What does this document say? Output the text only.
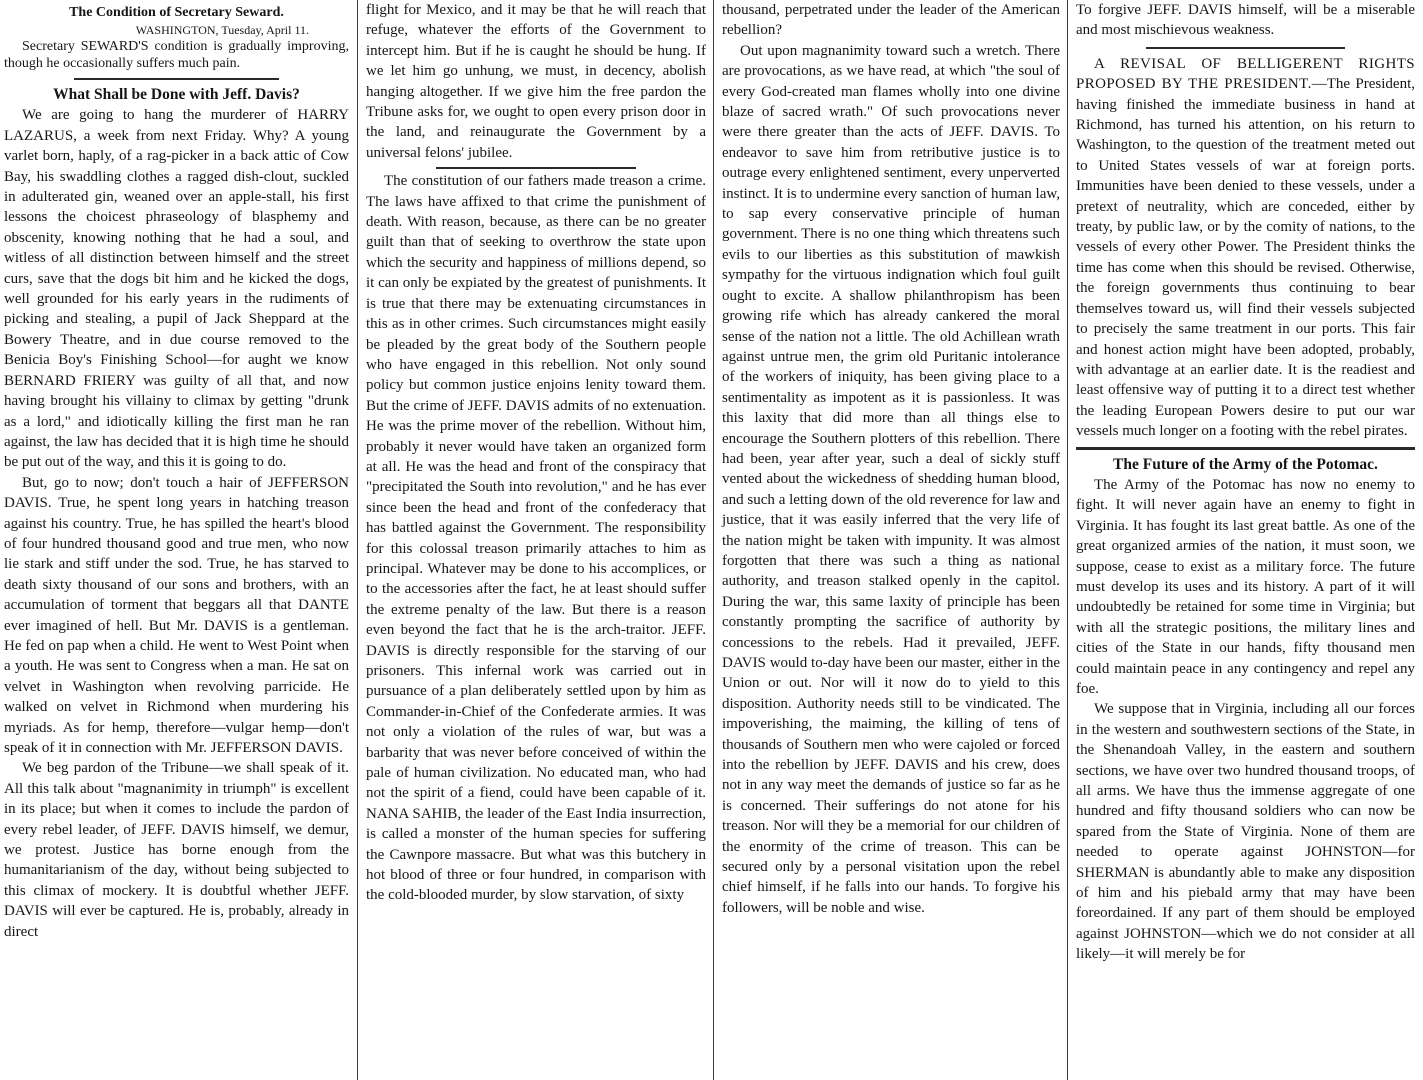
The Condition of Secretary Seward.
WASHINGTON, Tuesday, April 11.

Secretary SEWARD'S condition is gradually improving, though he occasionally suffers much pain.

What Shall be Done with Jeff. Davis?

We are going to hang the murderer of HARRY LAZARUS, a week from next Friday. Why? A young varlet born, haply, of a rag-picker in a back attic of Cow Bay, his swaddling clothes a ragged dish-clout, suckled in adulterated gin, weaned over an apple-stall, his first lessons the choicest phraseology of blasphemy and obscenity, knowing nothing that he had a soul, and witless of all distinction between himself and the street curs, save that the dogs bit him and he kicked the dogs, well grounded for his early years in the rudiments of picking and stealing, a pupil of Jack Sheppard at the Bowery Theatre, and in due course removed to the Benicia Boy's Finishing School—for aught we know BERNARD FRIERY was guilty of all that, and now having brought his villainy to climax by getting "drunk as a lord," and idiotically killing the first man he ran against, the law has decided that it is high time he should be put out of the way, and this it is going to do.

But, go to now; don't touch a hair of JEFFERSON DAVIS. True, he spent long years in hatching treason against his country. True, he has spilled the heart's blood of four hundred thousand good and true men, who now lie stark and stiff under the sod. True, he has starved to death sixty thousand of our sons and brothers, with an accumulation of torment that beggars all that DANTE ever imagined of hell. But Mr. DAVIS is a gentleman. He fed on pap when a child. He went to West Point when a youth. He was sent to Congress when a man. He sat on velvet in Washington when revolving parricide. He walked on velvet in Richmond when murdering his myriads. As for hemp, therefore—vulgar hemp—don't speak of it in connection with Mr. JEFFERSON DAVIS.

We beg pardon of the Tribune—we shall speak of it. All this talk about "magnanimity in triumph" is excellent in its place; but when it comes to include the pardon of every rebel leader, of JEFF. DAVIS himself, we demur, we protest. Justice has borne enough from the humanitarianism of the day, without being subjected to this climax of mockery. It is doubtful whether JEFF. DAVIS will ever be captured. He is, probably, already in direct

flight for Mexico, and it may be that he will reach that refuge, whatever the efforts of the Government to intercept him. But if he is caught he should be hung. If we let him go unhung, we must, in decency, abolish hanging altogether. If we give him the free pardon the Tribune asks for, we ought to open every prison door in the land, and reinaugurate the Government by a universal felons' jubilee.

The constitution of our fathers made treason a crime. The laws have affixed to that crime the punishment of death. With reason, because, as there can be no greater guilt than that of seeking to overthrow the state upon which the security and happiness of millions depend, so it can only be expiated by the greatest of punishments. It is true that there may be extenuating circumstances in this as in other crimes. Such circumstances might easily be pleaded by the great body of the Southern people who have engaged in this rebellion. Not only sound policy but common justice enjoins lenity toward them. But the crime of JEFF. DAVIS admits of no extenuation. He was the prime mover of the rebellion. Without him, probably it never would have taken an organized form at all. He was the head and front of the conspiracy that "precipitated the South into revolution," and he has ever since been the head and front of the confederacy that has battled against the Government. The responsibility for this colossal treason primarily attaches to him as principal. Whatever may be done to his accomplices, or to the accessories after the fact, he at least should suffer the extreme penalty of the law. But there is a reason even beyond the fact that he is the arch-traitor. JEFF. DAVIS is directly responsible for the starving of our prisoners. This infernal work was carried out in pursuance of a plan deliberately settled upon by him as Commander-in-Chief of the Confederate armies. It was not only a violation of the rules of war, but was a barbarity that was never before conceived of within the pale of human civilization. No educated man, who had not the spirit of a fiend, could have been capable of it. NANA SAHIB, the leader of the East India insurrection, is called a monster of the human species for suffering the Cawnpore massacre. But what was this butchery in hot blood of three or four hundred, in comparison with the cold-blooded murder, by slow starvation, of sixty

thousand, perpetrated under the leader of the American rebellion?

Out upon magnanimity toward such a wretch. There are provocations, as we have read, at which "the soul of every God-created man flames wholly into one divine blaze of sacred wrath." Of such provocations never were there greater than the acts of JEFF. DAVIS. To endeavor to save him from retributive justice is to outrage every enlightened sentiment, every unperverted instinct. It is to undermine every sanction of human law, to sap every conservative principle of human government. There is no one thing which threatens such evils to our liberties as this substitution of mawkish sympathy for the virtuous indignation which foul guilt ought to excite. A shallow philanthropism has been growing rife which has already cankered the moral sense of the nation not a little. The old Achillean wrath against untrue men, the grim old Puritanic intolerance of the workers of iniquity, has been giving place to a sentimentality as impotent as it is passionless. It was this laxity that did more than all things else to encourage the Southern plotters of this rebellion. There had been, year after year, such a deal of sickly stuff vented about the wickedness of shedding human blood, and such a letting down of the old reverence for law and justice, that it was easily inferred that the very life of the nation might be taken with impunity. It was almost forgotten that there was such a thing as national authority, and treason stalked openly in the capitol. During the war, this same laxity of principle has been constantly prompting the sacrifice of authority by concessions to the rebels. Had it prevailed, JEFF. DAVIS would to-day have been our master, either in the Union or out. Nor will it now do to yield to this disposition. Authority needs still to be vindicated. The impoverishing, the maiming, the killing of tens of thousands of Southern men who were cajoled or forced into the rebellion by JEFF. DAVIS and his crew, does not in any way meet the demands of justice so far as he is concerned. Their sufferings do not atone for his treason. Nor will they be a memorial for our children of the enormity of the crime of treason. This can be secured only by a personal visitation upon the rebel chief himself, if he falls into our hands. To forgive his followers, will be noble and wise.

To forgive JEFF. DAVIS himself, will be a miserable and most mischievous weakness.

A REVISAL OF BELLIGERENT RIGHTS PROPOSED BY THE PRESIDENT.—The President, having finished the immediate business in hand at Richmond, has turned his attention, on his return to Washington, to the question of the treatment meted out to United States vessels of war at foreign ports. Immunities have been denied to these vessels, under a pretext of neutrality, which are conceded, either by treaty, by public law, or by the comity of nations, to the vessels of every other Power. The President thinks the time has come when this should be revised. Otherwise, the foreign governments thus continuing to bear themselves toward us, will find their vessels subjected to precisely the same treatment in our ports. This fair and honest action might have been adopted, probably, with advantage at an earlier date. It is the readiest and least offensive way of putting it to a direct test whether the leading European Powers desire to put our war vessels much longer on a footing with the rebel pirates.

The Future of the Army of the Potomac.

The Army of the Potomac has now no enemy to fight. It will never again have an enemy to fight in Virginia. It has fought its last great battle. As one of the great organized armies of the nation, it must soon, we suppose, cease to exist as a military force. The future must develop its uses and its history. A part of it will undoubtedly be retained for some time in Virginia; but with all the strategic positions, the military lines and cities of the State in our hands, fifty thousand men could maintain peace in any contingency and repel any foe.

We suppose that in Virginia, including all our forces in the western and southwestern sections of the State, in the Shenandoah Valley, in the eastern and southern sections, we have over two hundred thousand troops, of all arms. We have thus the immense aggregate of one hundred and fifty thousand soldiers who can now be spared from the State of Virginia. None of them are needed to operate against JOHNSTON—for SHERMAN is abundantly able to make any disposition of him and his piebald army that may have been foreordained. If any part of them should be employed against JOHNSTON—which we do not consider at all likely—it will merely be for
